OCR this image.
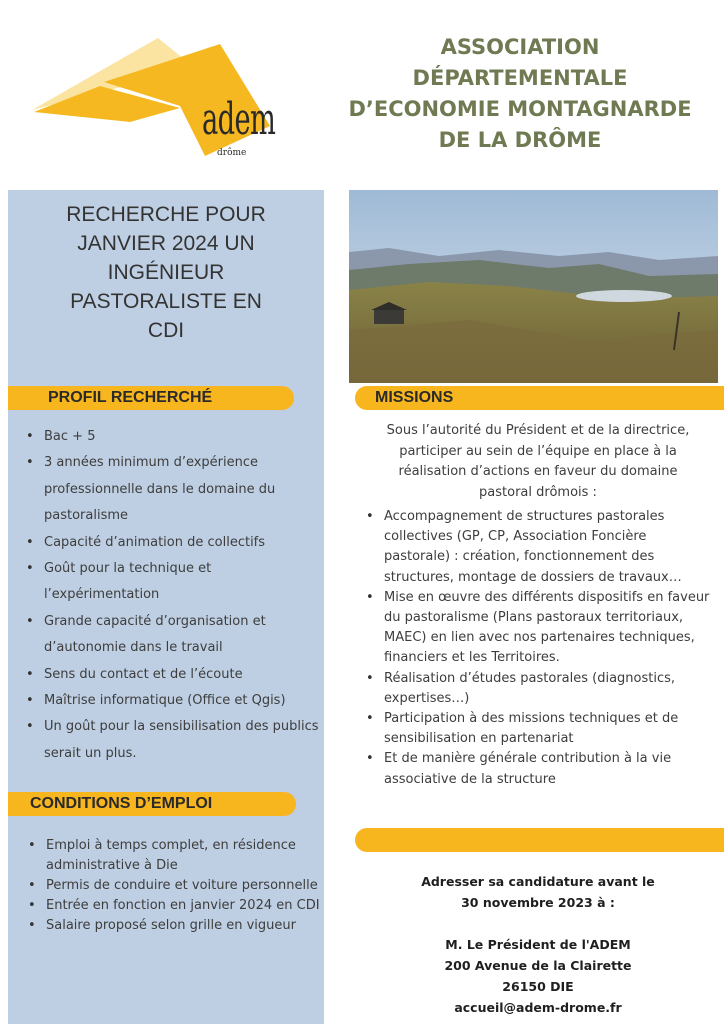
adem
drôme
ASSOCIATION
DÉPARTEMENTALE
D’ECONOMIE MONTAGNARDE
DE LA DRÔME
RECHERCHE POUR
JANVIER 2024 UN
INGÉNIEUR
PASTORALISTE EN
CDI
PROFIL RECHERCHÉ	MISSIONS
CONDITIONS D’EMPLOI
• Bac + 5
• 3 années minimum d’expérience professionnelle dans le domaine du pastoralisme
• Capacité d’animation de collectifs
• Goût pour la technique et l’expérimentation
• Grande capacité d’organisation et d’autonomie dans le travail
• Sens du contact et de l’écoute
• Maîtrise informatique (Office et Qgis)
• Un goût pour la sensibilisation des publics serait un plus.
• Emploi à temps complet, en résidence administrative à Die
• Permis de conduire et voiture personnelle
• Entrée en fonction en janvier 2024 en CDI
• Salaire proposé selon grille en vigueur
Sous l’autorité du Président et de la directrice,
participer au sein de l’équipe en place à la
réalisation d’actions en faveur du domaine
pastoral drômois :
• Accompagnement de structures pastorales collectives (GP, CP, Association Foncière pastorale) : création, fonctionnement des structures, montage de dossiers de travaux…
• Mise en œuvre des différents dispositifs en faveur du pastoralisme (Plans pastoraux territoriaux, MAEC) en lien avec nos partenaires techniques, financiers et les Territoires.
• Réalisation d’études pastorales (diagnostics, expertises…)
• Participation à des missions techniques et de sensibilisation en partenariat
• Et de manière générale contribution à la vie associative de la structure
Adresser sa candidature avant le
30 novembre 2023 à :
M. Le Président de l'ADEM
200 Avenue de la Clairette
26150 DIE
accueil@adem-drome.fr
